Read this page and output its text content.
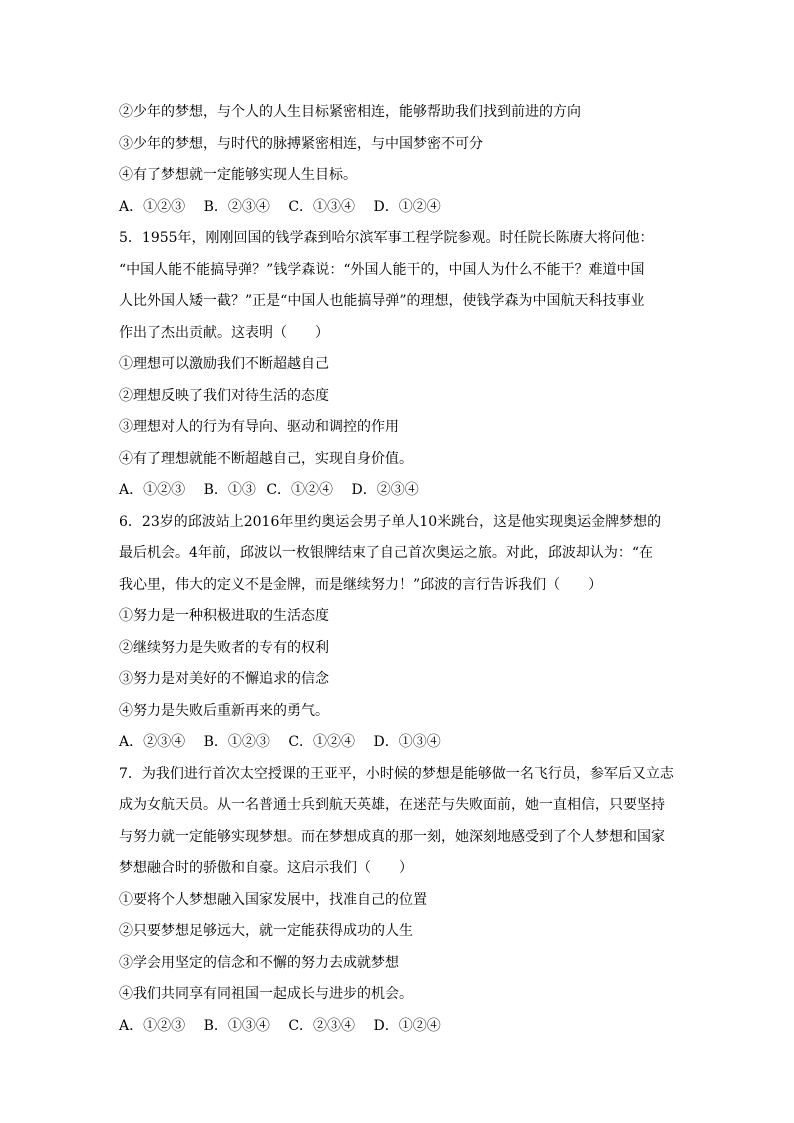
②少年的梦想，与个人的人生目标紧密相连，能够帮助我们找到前进的方向
③少年的梦想，与时代的脉搏紧密相连，与中国梦密不可分
④有了梦想就一定能够实现人生目标。
A．①②③ B．②③④ C．①③④ D．①②④
5．1955年，刚刚回国的钱学森到哈尔滨军事工程学院参观。时任院长陈赓大将问他：
“中国人能不能搞导弹？”钱学森说：“外国人能干的，中国人为什么不能干？难道中国
人比外国人矮一截？”正是“中国人也能搞导弹”的理想，使钱学森为中国航天科技事业
作出了杰出贡献。这表明（　　）
①理想可以激励我们不断超越自己
②理想反映了我们对待生活的态度
③理想对人的行为有导向、驱动和调控的作用
④有了理想就能不断超越自己，实现自身价值。
A．①②③ B．①③ C．①②④ D．②③④
6．23岁的邱波站上2016年里约奥运会男子单人10米跳台，这是他实现奥运金牌梦想的
最后机会。4年前，邱波以一枚银牌结束了自己首次奥运之旅。对此，邱波却认为：“在
我心里，伟大的定义不是金牌，而是继续努力！”邱波的言行告诉我们（　　）
①努力是一种积极进取的生活态度
②继续努力是失败者的专有的权利
③努力是对美好的不懈追求的信念
④努力是失败后重新再来的勇气。
A．②③④ B．①②③ C．①②④ D．①③④
7．为我们进行首次太空授课的王亚平，小时候的梦想是能够做一名飞行员，参军后又立志
成为女航天员。从一名普通士兵到航天英雄，在迷茫与失败面前，她一直相信，只要坚持
与努力就一定能够实现梦想。而在梦想成真的那一刻，她深刻地感受到了个人梦想和国家
梦想融合时的骄傲和自豪。这启示我们（　　）
①要将个人梦想融入国家发展中，找准自己的位置
②只要梦想足够远大，就一定能获得成功的人生
③学会用坚定的信念和不懈的努力去成就梦想
④我们共同享有同祖国一起成长与进步的机会。
A．①②③ B．①③④ C．②③④ D．①②④
